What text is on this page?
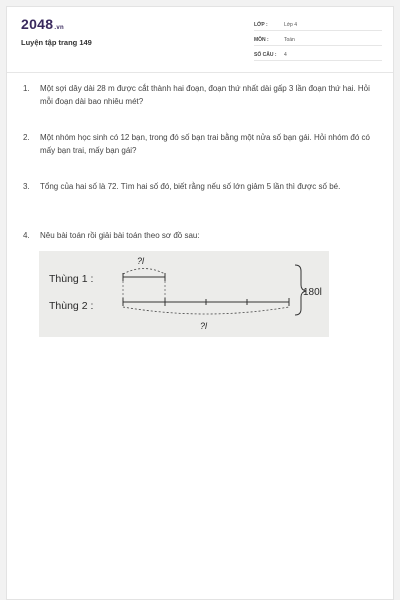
2048.vn
Luyện tập trang 149
LỚP :	Lớp 4
MÔN :	Toán
SỐ CÂU : 4
1. Một sợi dây dài 28 m được cắt thành hai đoạn, đoạn thứ nhất dài gấp 3 lần đoạn thứ hai. Hỏi mỗi đoạn dài bao nhiêu mét?
2. Một nhóm học sinh có 12 bạn, trong đó số bạn trai bằng một nửa số bạn gái. Hỏi nhóm đó có mấy bạn trai, mấy bạn gái?
3. Tổng của hai số là 72. Tìm hai số đó, biết rằng nếu số lớn giảm 5 lần thì được số bé.
4. Nêu bài toán rồi giải bài toán theo sơ đồ sau:
Thùng 1 :
Thùng 2 :
?l
?l
180l
